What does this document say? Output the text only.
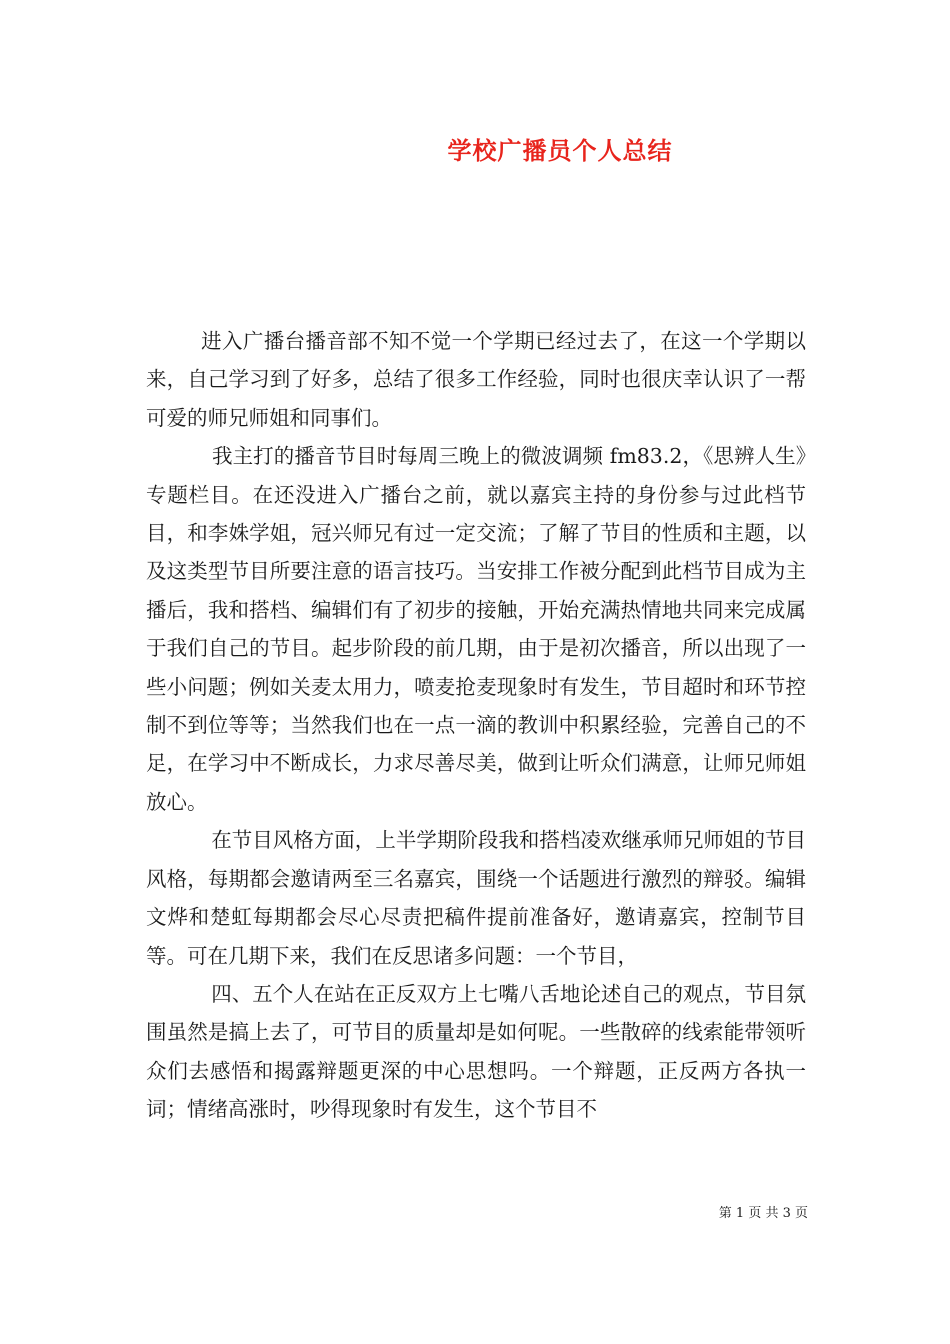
学校广播员个人总结

进入广播台播音部不知不觉一个学期已经过去了，在这一个学期以来，自己学习到了好多，总结了很多工作经验，同时也很庆幸认识了一帮可爱的师兄师姐和同事们。

我主打的播音节目时每周三晚上的微波调频 fm83.2，《思辨人生》专题栏目。在还没进入广播台之前，就以嘉宾主持的身份参与过此档节目，和李姝学姐，冠兴师兄有过一定交流；了解了节目的性质和主题，以及这类型节目所要注意的语言技巧。当安排工作被分配到此档节目成为主播后，我和搭档、编辑们有了初步的接触，开始充满热情地共同来完成属于我们自己的节目。起步阶段的前几期，由于是初次播音，所以出现了一些小问题；例如关麦太用力，喷麦抢麦现象时有发生，节目超时和环节控制不到位等等；当然我们也在一点一滴的教训中积累经验，完善自己的不足，在学习中不断成长，力求尽善尽美，做到让听众们满意，让师兄师姐放心。

在节目风格方面，上半学期阶段我和搭档凌欢继承师兄师姐的节目风格，每期都会邀请两至三名嘉宾，围绕一个话题进行激烈的辩驳。编辑文烨和楚虹每期都会尽心尽责把稿件提前准备好，邀请嘉宾，控制节目等。可在几期下来，我们在反思诸多问题：一个节目，

四、五个人在站在正反双方上七嘴八舌地论述自己的观点，节目氛围虽然是搞上去了，可节目的质量却是如何呢。一些散碎的线索能带领听众们去感悟和揭露辩题更深的中心思想吗。一个辩题，正反两方各执一词；情绪高涨时，吵得现象时有发生，这个节目不

第 1 页 共 3 页
